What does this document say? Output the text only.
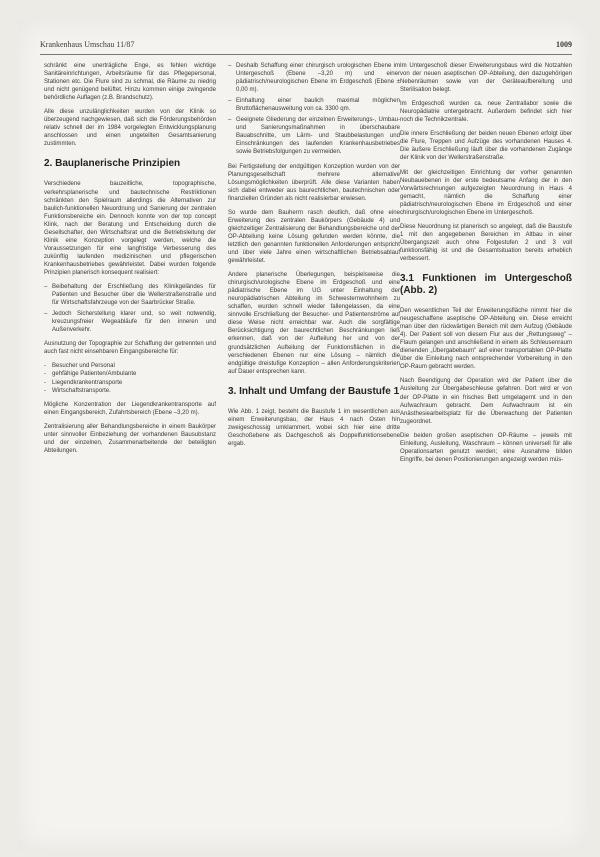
Krankenhaus Umschau 11/87	1009

schränkt eine unerträgliche Enge, es fehlen wichtige Sanitäreinrichtungen, Arbeitsräume für das Pflegepersonal, Stationen etc. Die Flure sind zu schmal, die Räume zu niedrig und nicht genügend belüftet. Hinzu kommen einige zwingende behördliche Auflagen (z.B. Brandschutz).

Alle diese unzulänglichkeiten wurden von der Klinik so überzeugend nachgewiesen, daß sich die Förderungsbehörden relativ schnell der im 1984 vorgelegten Entwicklungsplanung anschlossen und einen ungeteilten Gesamtsanierung zustimmten.

2. Bauplanerische Prinzipien

Verschiedene bauzeitliche, topographische, verkehrsplanerische und bautechnische Restriktionen schränkten den Spielraum allerdings die Alternativen zur baulich-funktionellen Neuordnung und Sanierung der zentralen Funktionsbereiche ein. Dennoch konnte von der top concept Klink, nach der Beratung und Entscheidung durch die Gesellschafter, den Wirtschaftsrat und die Betriebsleitung der Klinik eine Konzeption vorgelegt werden, welche die Voraussetzungen für eine langfristige Verbesserung des zukünftig laufenden medizinischen und pflegerischen Krankenhausbetriebes gewährleistet. Dabei wurden folgende Prinzipien planerisch konsequent realisiert:

– Beibehaltung der Erschließung des Klinikgeländes für Patienten und Besucher über die Wellerstraßenstraße und für Wirtschaftsfahrzeuge von der Saarbrücker Straße.
– Jedoch Sicherstellung klarer und, so weit notwendig, kreuzungsfreier Wegeabläufe für den inneren und Außenverkehr.

Ausnutzung der Topographie zur Schaffung der getrennten und auch fast nicht einsehbaren Eingangsbereiche für:

- Besucher und Personal
- gehfähige Patienten/Ambulante
- Liegendkrankentransporte
- Wirtschaftstransporte.

Mögliche Konzentration der Liegendkrankentransporte auf einen Eingangsbereich, Zufahrtsbereich (Ebene –3,20 m).

Zentralisierung aller Behandlungsbereiche in einem Baukörper unter sinnvoller Einbeziehung der vorhandenen Bausubstanz und der einzelnen, Zusammenarbeitende der beteiligten Abteilungen.

– Deshalb Schaffung einer chirurgisch urologischen Ebene im Untergeschoß (Ebene –3,20 m) und einer pädiatrisch/neurologischen Ebene im Erdgeschoß (Ebene ± 0,00 m).
– Einhaltung einer baulich maximal möglichen Bruttoflächenausweitung von ca. 3300 qm.
– Geeignete Gliederung der einzelnen Erweiterungs-, Umbau- und Sanierungsmaßnahmen in überschaubare Bauabschnitte, um Lärm- und Staubbelastungen und Einschränkungen des laufenden Krankenhausbetriebes sowie Betriebsfolgungen zu vermeiden.

Bei Fertigstellung der endgültigen Konzeption wurden von der Planungsgesellschaft mehrere alternative Lösungsmöglichkeiten überprüft. Alle diese Varianten haben sich dabei entweder aus baurechtlichen, bautechnischen oder finanziellen Gründen als nicht realisierbar erwiesen.

So wurde dem Bauherrn rasch deutlich, daß ohne eine Erweiterung des zentralen Baukörpers (Gebäude 4) und gleichzeitiger Zentralisierung der Behandlungsbereiche und der OP-Abteilung keine Lösung gefunden werden könnte, die letztlich den genannten funktionellen Anforderungen entspricht und über viele Jahre einen wirtschaftlichen Betriebsablauf gewährleistet.

Andere planerische Überlegungen, beispielsweise die chirurgisch/urologische Ebene im Erdgeschoß und eine pädiatrische Ebene im UG unter Einhaltung der neuropädiatrischen Abteilung im Schwesternwohnheim zu schaffen, wurden schnell wieder fallengelassen, da eine sinnvolle Erschließung der Besucher- und Patientenströme auf diese Weise nicht erreichbar war. Auch die sorgfältige Berücksichtigung der baurechtlichen Beschränkungen ließ erkennen, daß von der Aufteilung her und von der grundsätzlichen Aufteilung der Funktionsflächen in die verschiedenen Ebenen nur eine Lösung – nämlich die endgültige dreistufige Konzeption – allen Anforderungskriterien auf Dauer entsprechen kann.

3. Inhalt und Umfang der Baustufe 1

Wie Abb. 1 zeigt, besteht die Baustufe 1 im wesentlichen aus einem Erweiterungsbau, der Haus 4 nach Osten hin zweigeschossig umklammert, wobei sich hier eine dritte Geschoßebene als Dachgeschoß als Doppelfunktionsebene ergab.

Im Untergeschoß dieser Erweiterungsbaus wird die Notzahlen von der neuen aseptischen OP-Abteilung, den dazugehörigen Nebenräumen sowie von der Geräteaufbereitung und Sterilisation belegt.

Im Erdgeschoß wurden ca. neue Zentrallabor sowie die Neuropädiatrie untergebracht. Außerdem befindet sich hier noch die Technikzentrale.

Die innere Erschließung der beiden neuen Ebenen erfolgt über die Flure, Treppen und Aufzüge des vorhandenen Hauses 4. Die äußere Erschließung läuft über die vorhandenen Zugänge der Klinik von der Wellerstraßenstraße.

Mit der gleichzeitigen Einrichtung der vorher genannten Neubauebenen in der erste bedeutsame Anfang der in den Vorwärtsrechnungen aufgezeigten Neuordnung in Haus 4 gemacht, nämlich die Schaffung einer pädiatrisch/neurologischen Ebene im Erdgeschoß und einer chirurgisch/urologischen Ebene im Untergeschoß.

Diese Neuordnung ist planerisch so angelegt, daß die Baustufe 1 mit den angegebenen Bereichen im Altbau in einer Übergangszeit auch ohne Folgestufen 2 und 3 voll funktionsfähig ist und die Gesamtsituation bereits erheblich verbessert.

3.1 Funktionen im Untergeschoß (Abb. 2)

Den wesentlichen Teil der Erweiterungsfläche nimmt hier die neugeschaffene aseptische OP-Abteilung ein. Diese erreicht man über den rückwärtigen Bereich mit dem Aufzug (Gebäude 4). Der Patient soll von diesem Flur aus der „Rettungsweg" – Flaum gelangen und anschließend in einem als Schleusenraum dienenden „Übergabebaum" auf einer transportablen OP-Platte über die Einleitung nach entsprechender Vorbereitung in den OP-Raum gebracht werden.

Nach Beendigung der Operation wird der Patient über die Ausleitung zur Übergabeschleuse gefahren. Dort wird er von der OP-Platte in ein frisches Bett umgelagernt und in den Aufwachraum gebracht. Dem Aufwachraum ist ein Anästhesiearbeitsplatz für die Überwachung der Patienten zugeordnet.

Die beiden großen aseptischen OP-Räume – jeweils mit Einleitung, Ausleitung, Waschraum – können universell für alle Operationsarten genutzt werden; eine Ausnahme bilden Eingriffe, bei denen Positionierungen angezeigt werden müs-
